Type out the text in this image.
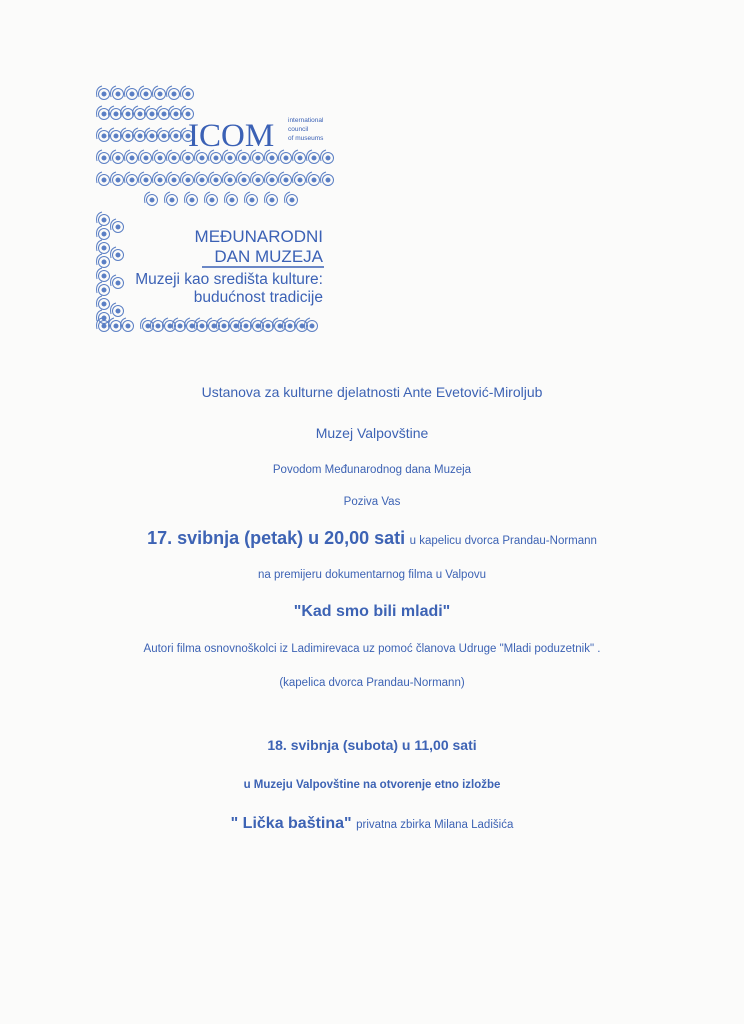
ICOM international
council
of museums
MEĐUNARODNI
DAN MUZEJA
Muzeji kao središta kulture:
budućnost tradicije
Ustanova za kulturne djelatnosti Ante Evetović-Miroljub
Muzej Valpovštine
Povodom Međunarodnog dana Muzeja
Poziva Vas
17. svibnja (petak) u 20,00 sati u kapelicu dvorca Prandau-Normann
na premijeru dokumentarnog filma u Valpovu
"Kad smo bili mladi"
Autori filma osnovnoškolci iz Ladimirevaca uz pomoć članova Udruge "Mladi poduzetnik" .
(kapelica dvorca Prandau-Normann)
18. svibnja (subota) u 11,00 sati
u Muzeju Valpovštine na otvorenje etno izložbe
" Lička baština" privatna zbirka Milana Ladišića
